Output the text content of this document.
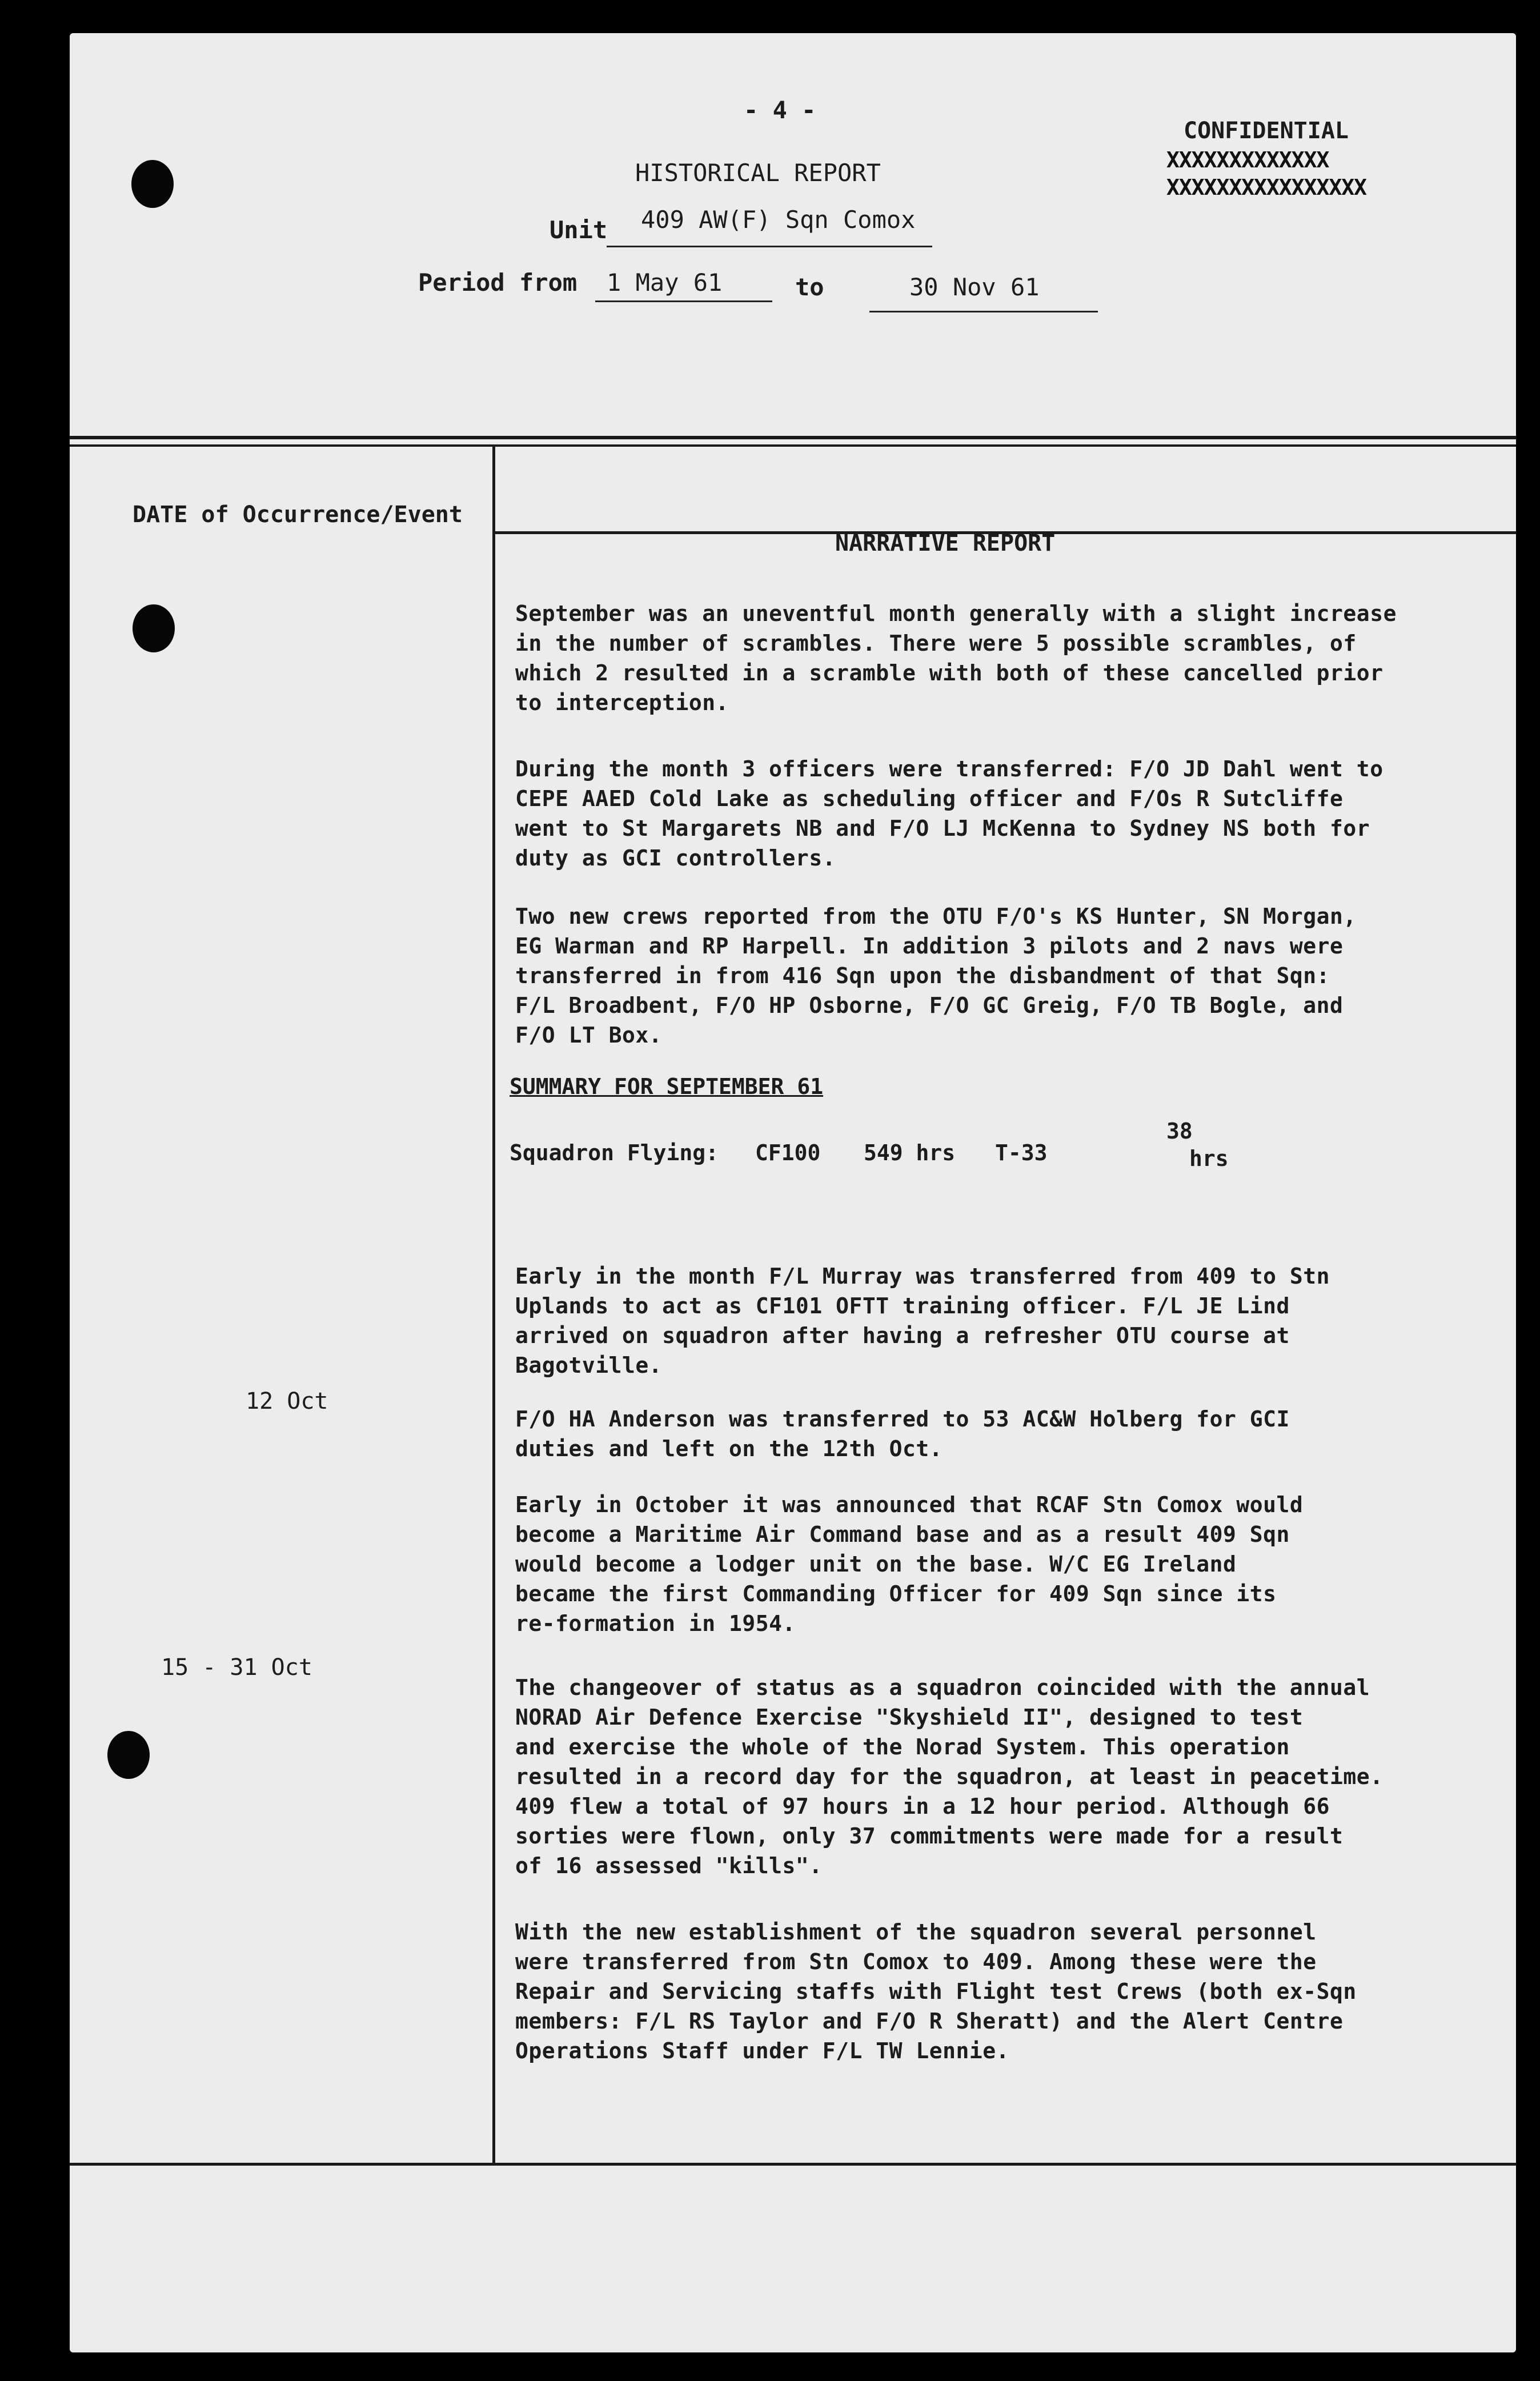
- 4 -
HISTORICAL REPORT
Unit 409 AW(F) Sqn Comox
Period from 1 May 61	to	30 Nov 61
CONFIDENTIAL
XXXXXXXXXXXXX
XXXXXXXXXXXXXXXX
DATE of Occurrence/Event
NARRATIVE REPORT
September was an uneventful month generally with a slight increase
in the number of scrambles. There were 5 possible scrambles, of
which 2 resulted in a scramble with both of these cancelled prior
to interception.
During the month 3 officers were transferred: F/O JD Dahl went to
CEPE AAED Cold Lake as scheduling officer and F/Os R Sutcliffe
went to St Margarets NB and F/O LJ McKenna to Sydney NS both for
duty as GCI controllers.
Two new crews reported from the OTU F/O's KS Hunter, SN Morgan,
EG Warman and RP Harpell. In addition 3 pilots and 2 navs were
transferred in from 416 Sqn upon the disbandment of that Sqn:
F/L Broadbent, F/O HP Osborne, F/O GC Greig, F/O TB Bogle, and
F/O LT Box.
SUMMARY FOR SEPTEMBER 61
Squadron Flying: CF100 549 hrs T-33
38
hrs
Early in the month F/L Murray was transferred from 409 to Stn
Uplands to act as CF101 OFTT training officer. F/L JE Lind
arrived on squadron after having a refresher OTU course at
Bagotville.
12 Oct
F/O HA Anderson was transferred to 53 AC&W Holberg for GCI
duties and left on the 12th Oct.
Early in October it was announced that RCAF Stn Comox would
become a Maritime Air Command base and as a result 409 Sqn
would become a lodger unit on the base. W/C EG Ireland
became the first Commanding Officer for 409 Sqn since its
re-formation in 1954.
15 - 31 Oct
The changeover of status as a squadron coincided with the annual
NORAD Air Defence Exercise "Skyshield II", designed to test
and exercise the whole of the Norad System. This operation
resulted in a record day for the squadron, at least in peacetime.
409 flew a total of 97 hours in a 12 hour period. Although 66
sorties were flown, only 37 commitments were made for a result
of 16 assessed "kills".
With the new establishment of the squadron several personnel
were transferred from Stn Comox to 409. Among these were the
Repair and Servicing staffs with Flight test Crews (both ex-Sqn
members: F/L RS Taylor and F/O R Sheratt) and the Alert Centre
Operations Staff under F/L TW Lennie.
